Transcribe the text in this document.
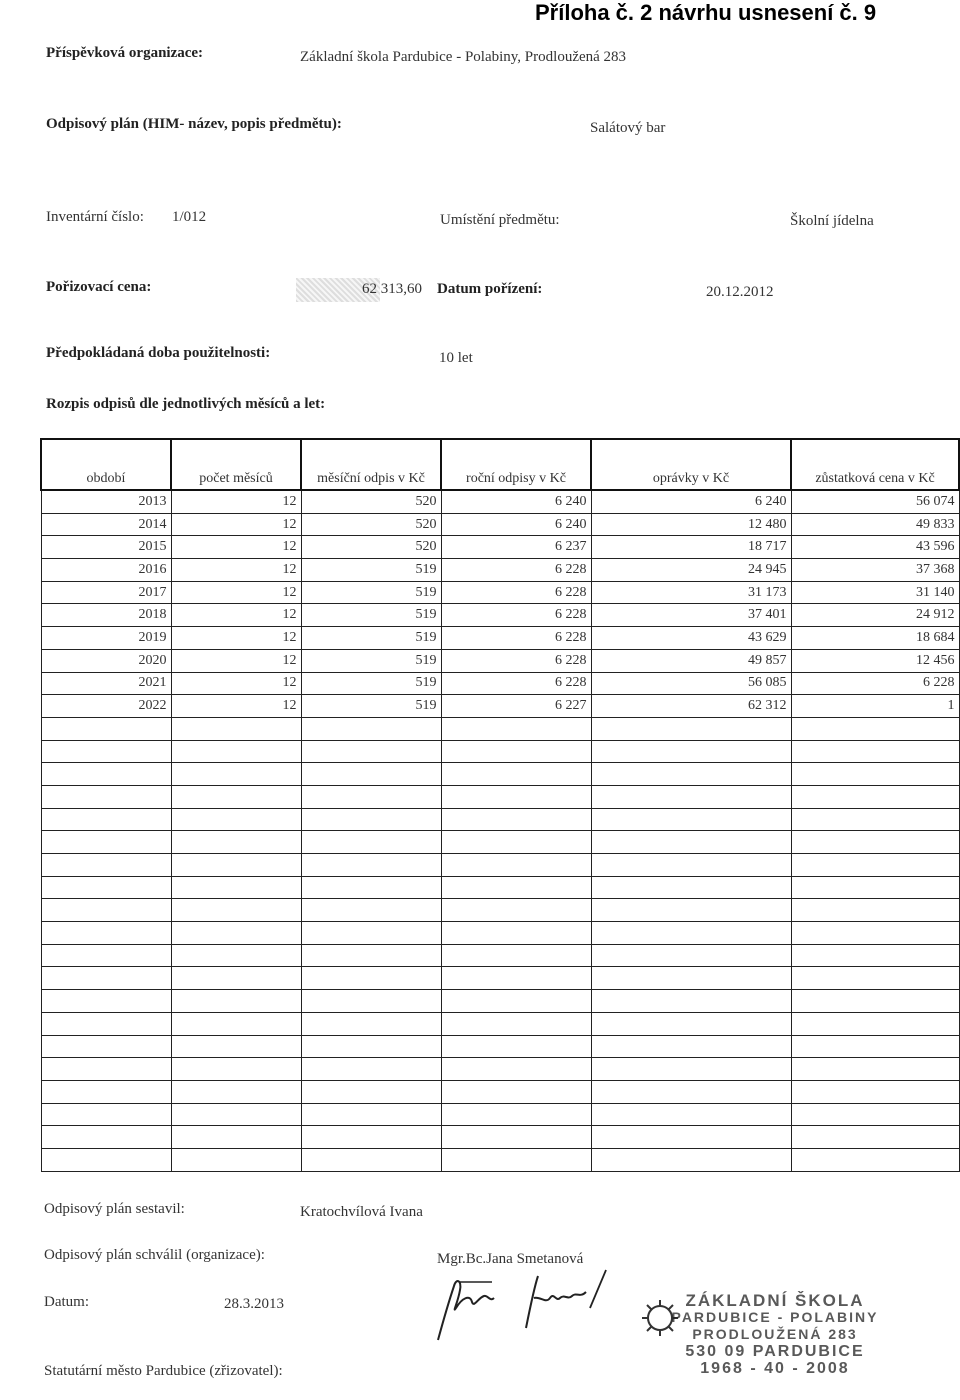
Příloha č. 2 návrhu usnesení č. 9
Příspěvková organizace:	Základní škola Pardubice - Polabiny, Prodloužená 283
Odpisový plán (HIM- název, popis předmětu):	Salátový bar
Inventární číslo: 1/012	Umístění předmětu:	Školní jídelna
Pořizovací cena:	62 313,60 Datum pořízení:	20.12.2012
Předpokládaná doba použitelnosti:	10 let
Rozpis odpisů dle jednotlivých měsíců a let:
období	počet měsíců	měsíční odpis v Kč	roční odpisy v Kč	oprávky v Kč	zůstatková cena v Kč
2013	12	520	6 240	6 240	56 074
2014	12	520	6 240	12 480	49 833
2015	12	520	6 237	18 717	43 596
2016	12	519	6 228	24 945	37 368
2017	12	519	6 228	31 173	31 140
2018	12	519	6 228	37 401	24 912
2019	12	519	6 228	43 629	18 684
2020	12	519	6 228	49 857	12 456
2021	12	519	6 228	56 085	6 228
2022	12	519	6 227	62 312	1

Odpisový plán sestavil:	Kratochvílová Ivana
Odpisový plán schválil (organizace):	Mgr.Bc.Jana Smetanová
Datum:	28.3.2013
Statutární město Pardubice (zřizovatel):
ZÁKLADNÍ ŠKOLA
PARDUBICE - POLABINY
PRODLOUŽENÁ 283
530 09 PARDUBICE
1968 - 40 - 2008
